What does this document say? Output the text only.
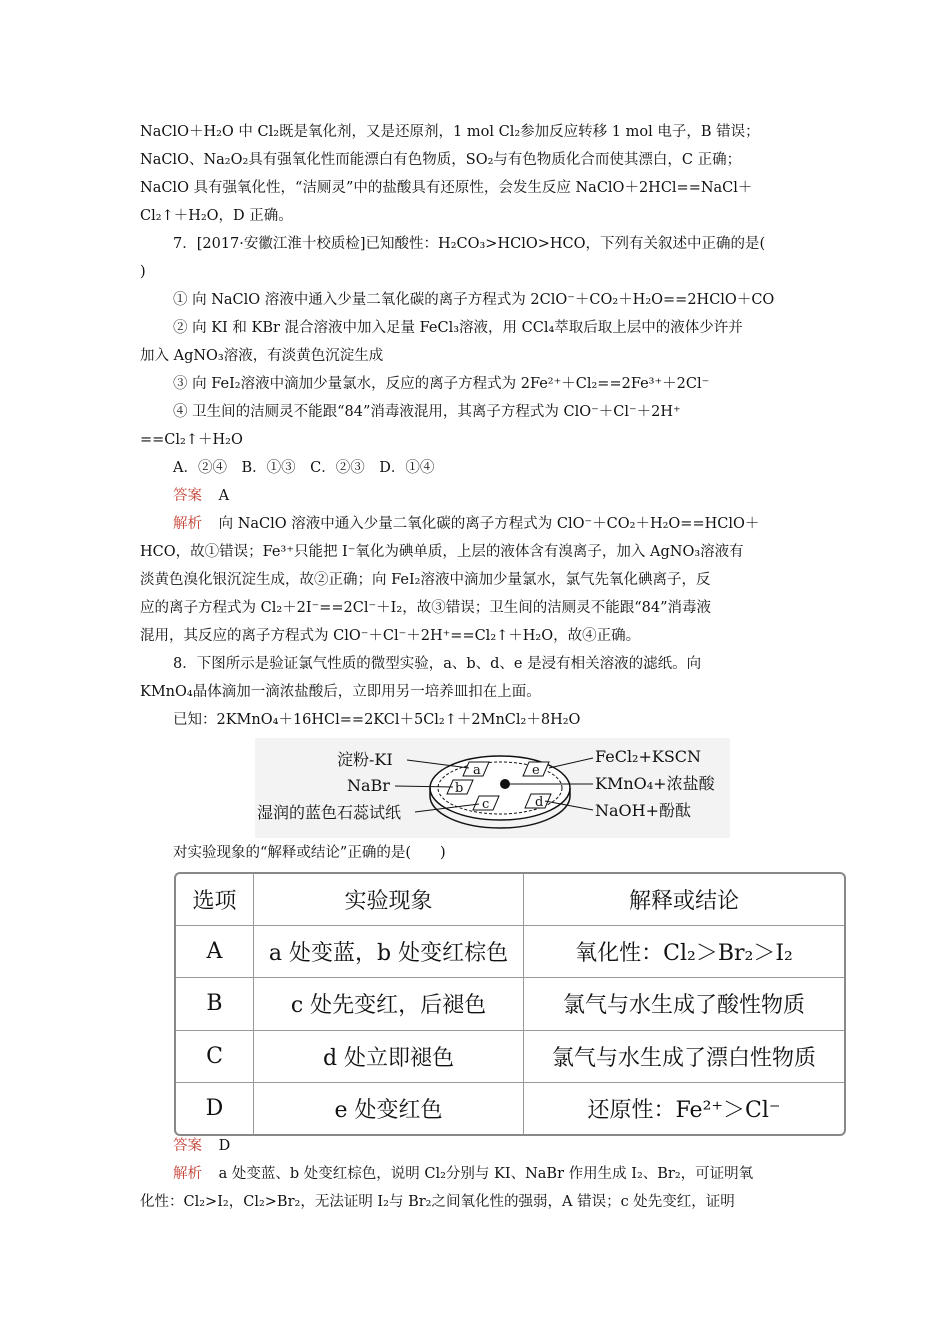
NaClO＋H₂O 中 Cl₂既是氧化剂，又是还原剂，1 mol Cl₂参加反应转移 1 mol 电子，B 错误；
NaClO、Na₂O₂具有强氧化性而能漂白有色物质，SO₂与有色物质化合而使其漂白，C 正确；
NaClO 具有强氧化性，“洁厕灵”中的盐酸具有还原性，会发生反应 NaClO＋2HCl==NaCl＋
Cl₂↑＋H₂O，D 正确。
7．[2017·安徽江淮十校质检]已知酸性：H₂CO₃>HClO>HCO，下列有关叙述中正确的是(
)
① 向 NaClO 溶液中通入少量二氧化碳的离子方程式为 2ClO⁻＋CO₂＋H₂O==2HClO＋CO
② 向 KI 和 KBr 混合溶液中加入足量 FeCl₃溶液，用 CCl₄萃取后取上层中的液体少许并
加入 AgNO₃溶液，有淡黄色沉淀生成
③ 向 FeI₂溶液中滴加少量氯水，反应的离子方程式为 2Fe²⁺＋Cl₂==2Fe³⁺＋2Cl⁻
④ 卫生间的洁厕灵不能跟“84”消毒液混用，其离子方程式为 ClO⁻＋Cl⁻＋2H⁺
==Cl₂↑＋H₂O
A．②④　B．①③　C．②③　D．①④
答案 A
解析 向 NaClO 溶液中通入少量二氧化碳的离子方程式为 ClO⁻＋CO₂＋H₂O==HClO＋
HCO，故①错误；Fe³⁺只能把 I⁻氧化为碘单质，上层的液体含有溴离子，加入 AgNO₃溶液有
淡黄色溴化银沉淀生成，故②正确；向 FeI₂溶液中滴加少量氯水，氯气先氧化碘离子，反
应的离子方程式为 Cl₂＋2I⁻==2Cl⁻＋I₂，故③错误；卫生间的洁厕灵不能跟“84”消毒液
混用，其反应的离子方程式为 ClO⁻＋Cl⁻＋2H⁺==Cl₂↑＋H₂O，故④正确。
8．下图所示是验证氯气性质的微型实验，a、b、d、e 是浸有相关溶液的滤纸。向
KMnO₄晶体滴加一滴浓盐酸后，立即用另一培养皿扣在上面。
已知：2KMnO₄＋16HCl==2KCl＋5Cl₂↑＋2MnCl₂＋8H₂O
a	e
b
c	d
淀粉-KI
NaBr
湿润的蓝色石蕊试纸
FeCl₂+KSCN
KMnO₄+浓盐酸
NaOH+酚酞
对实验现象的“解释或结论”正确的是(　　)
选项	实验现象	解释或结论
A	a 处变蓝，b 处变红棕色	氧化性：Cl₂＞Br₂＞I₂
B	c 处先变红，后褪色	氯气与水生成了酸性物质
C	d 处立即褪色	氯气与水生成了漂白性物质
D	e 处变红色	还原性：Fe²⁺＞Cl⁻
答案 D
解析 a 处变蓝、b 处变红棕色，说明 Cl₂分别与 KI、NaBr 作用生成 I₂、Br₂，可证明氧
化性：Cl₂>I₂，Cl₂>Br₂，无法证明 I₂与 Br₂之间氧化性的强弱，A 错误；c 处先变红，证明
